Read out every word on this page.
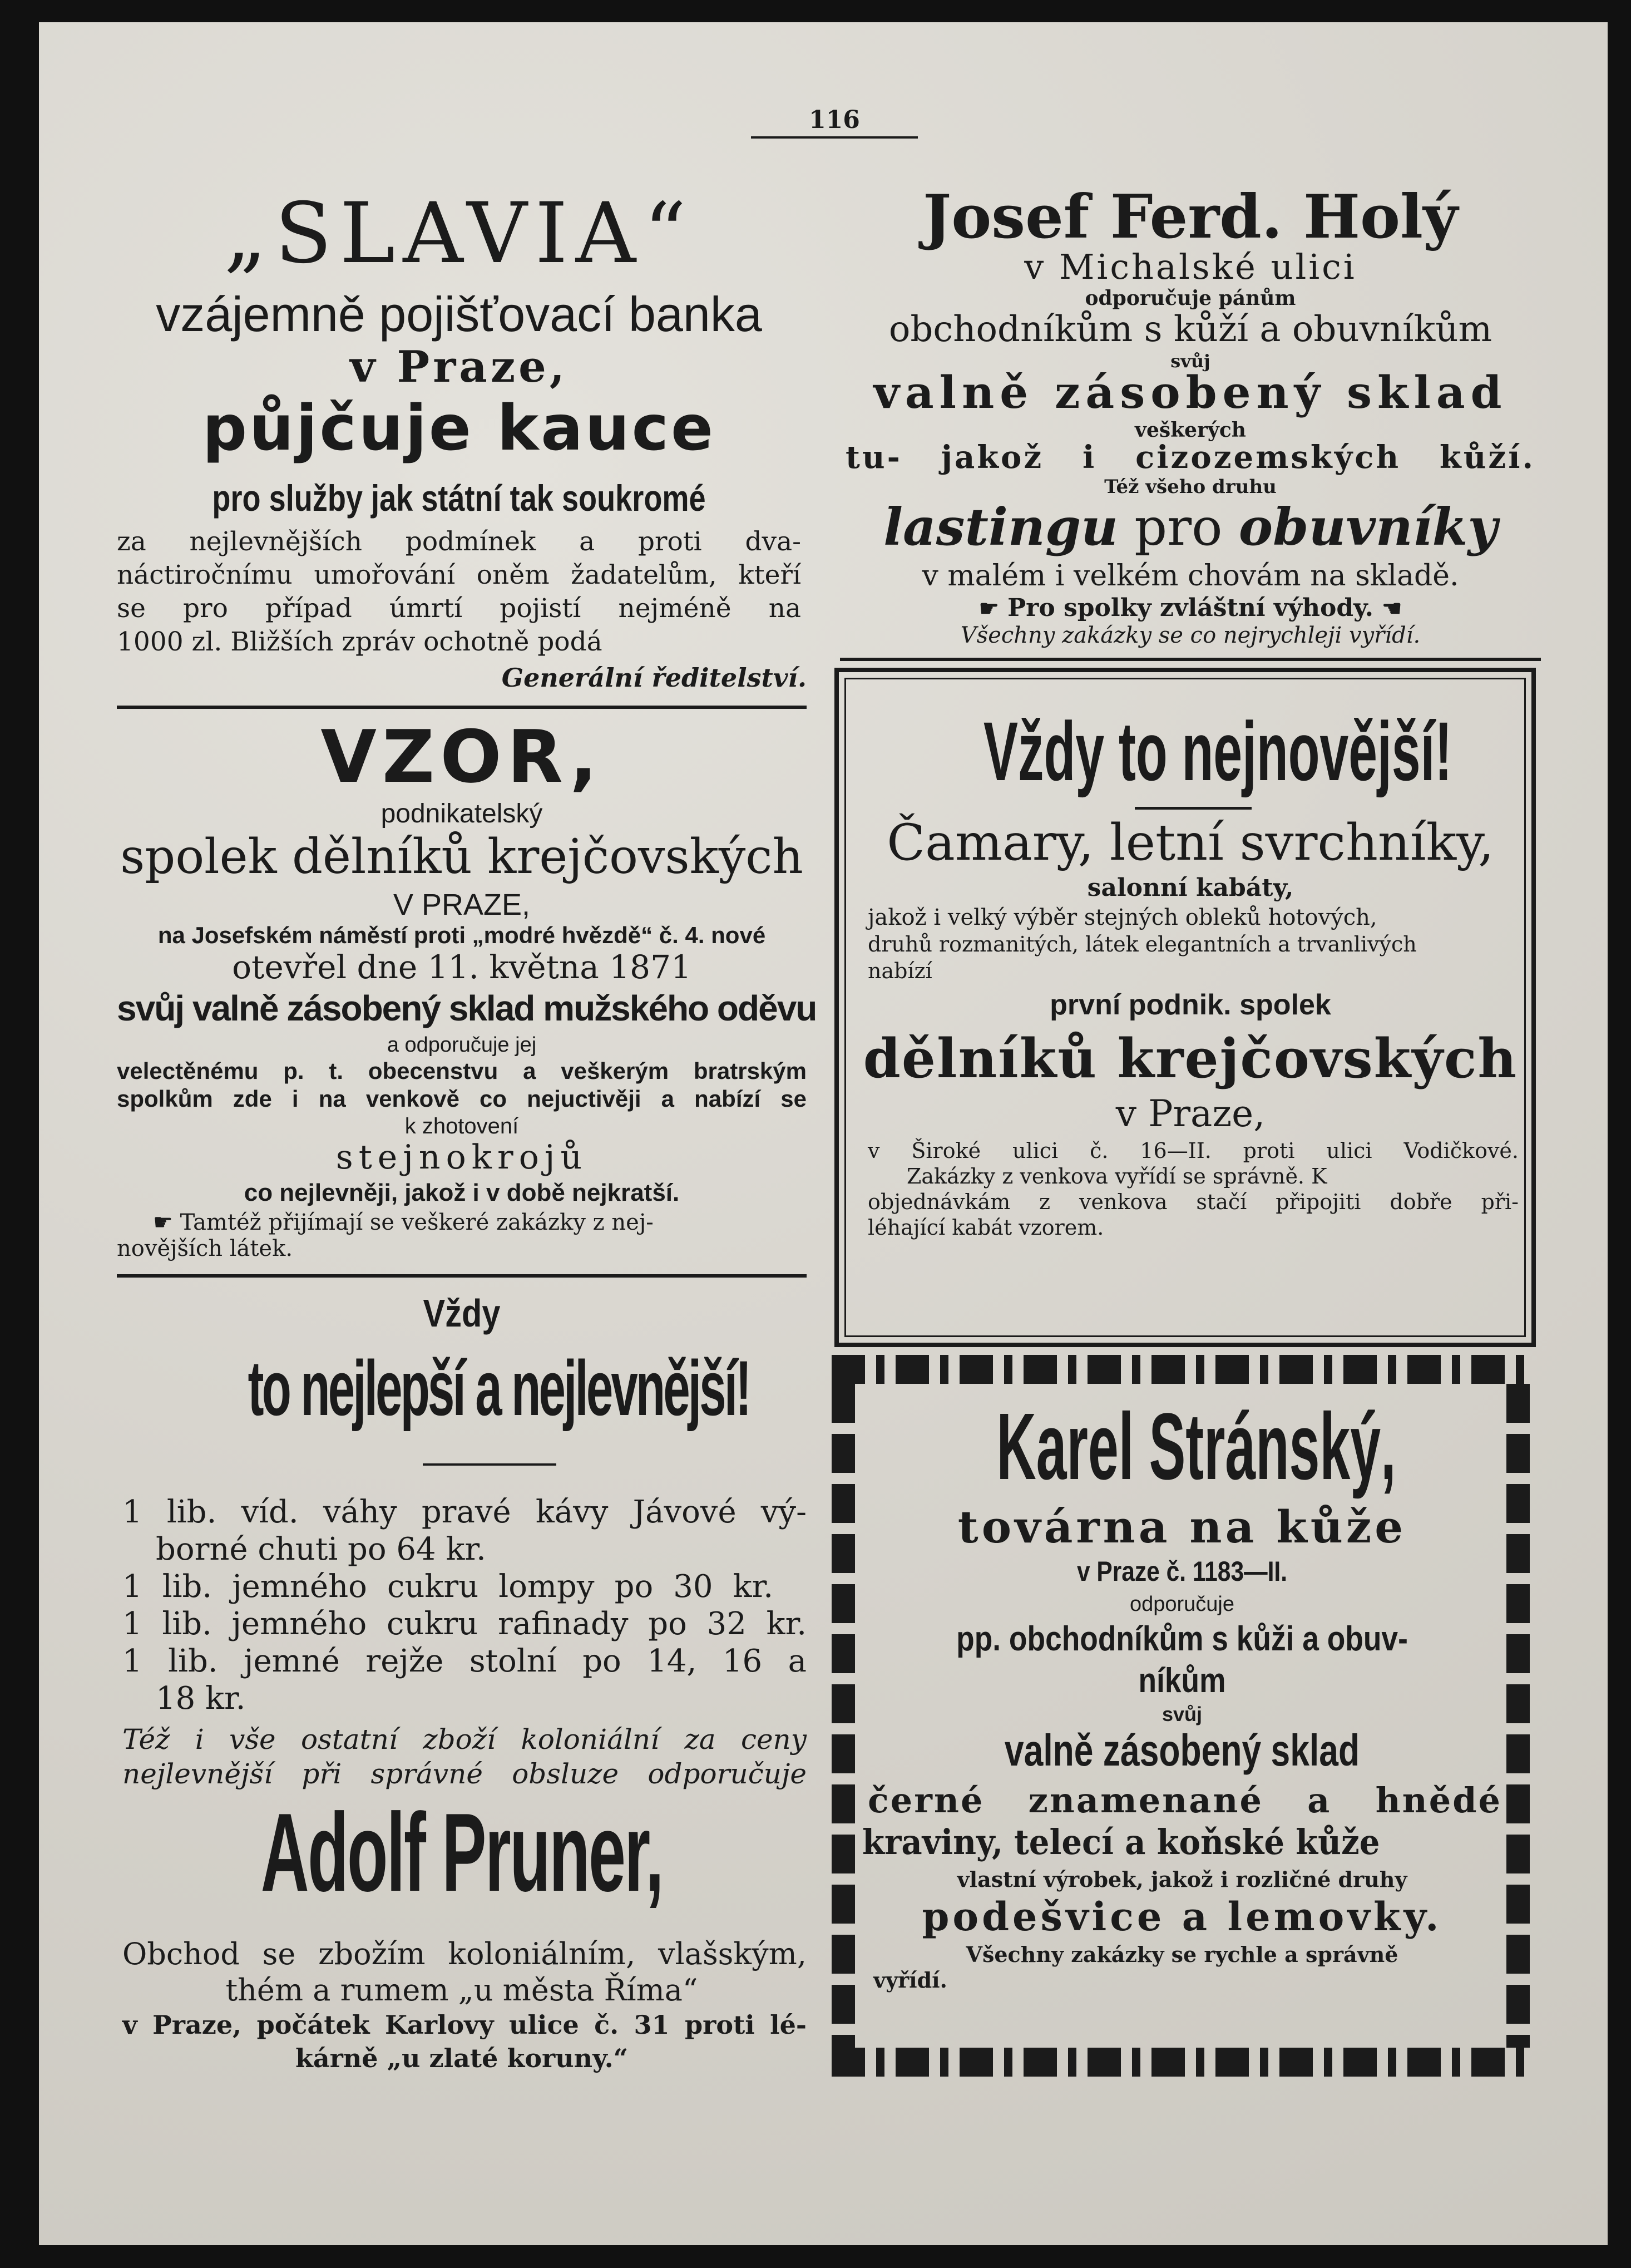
116
„SLAVIA“
vzájemně pojišťovací banka
v Praze,
půjčuje kauce
pro služby jak státní tak soukromé
za nejlevnějších podmínek a proti dva-
náctiročnímu umořování oněm žadatelům, kteří
se pro případ úmrtí pojistí nejméně na
1000 zl. Bližších zpráv ochotně podá
Generální ředitelství.
VZOR,
podnikatelský
spolek dělníků krejčovských
V PRAZE,
na Josefském náměstí proti „modré hvězdě“ č. 4. nové
otevřel dne 11. května 1871
svůj valně zásobený sklad mužského oděvu
a odporučuje jej
velectěnému p. t. obecenstvu a veškerým bratrským
spolkům zde i na venkově co nejuctivěji a nabízí se
k zhotovení
stejnokrojů
co nejlevněji, jakož i v době nejkratší.
☛ Tamtéž přijímají se veškeré zakázky z nej-
novějších látek.
Vždy
to nejlepší a nejlevnější!
1 lib. víd. váhy pravé kávy Jávové vý-
borné chuti po 64 kr.
1 lib. jemného cukru lompy po 30 kr.
1 lib. jemného cukru rafinady po 32 kr.
1 lib. jemné rejže stolní po 14, 16 a
18 kr.
Též i vše ostatní zboží koloniální za ceny
nejlevnější při správné obsluze odporučuje
Adolf Pruner,
Obchod se zbožím koloniálním, vlašským,
thém a rumem „u města Říma“
v Praze, počátek Karlovy ulice č. 31 proti lé-
kárně „u zlaté koruny.“
Josef Ferd. Holý
v Michalské ulici
odporučuje pánům
obchodníkům s kůží a obuvníkům
svůj
valně zásobený sklad
veškerých
tu- jakož i cizozemských kůží.
Též všeho druhu
lastingu pro obuvníky
v malém i velkém chovám na skladě.
☛ Pro spolky zvláštní výhody. ☚
Všechny zakázky se co nejrychleji vyřídí.
Vždy to nejnovější!
Čamary, letní svrchníky,
salonní kabáty,
jakož i velký výběr stejných obleků hotových,
druhů rozmanitých, látek elegantních a trvanlivých
nabízí
první podnik. spolek
dělníků krejčovských
v Praze,
v Široké ulici č. 16—II. proti ulici Vodičkové.
Zakázky z venkova vyřídí se správně. K
objednávkám z venkova stačí připojiti dobře při-
léhající kabát vzorem.
Karel Stránský,
továrna na kůže
v Praze č. 1183—II.
odporučuje
pp. obchodníkům s kůži a obuv-
níkům
svůj
valně zásobený sklad
černé znamenané a hnědé
kraviny, telecí a koňské kůže
vlastní výrobek, jakož i rozličné druhy
podešvice a lemovky.
Všechny zakázky se rychle a správně
vyřídí.
